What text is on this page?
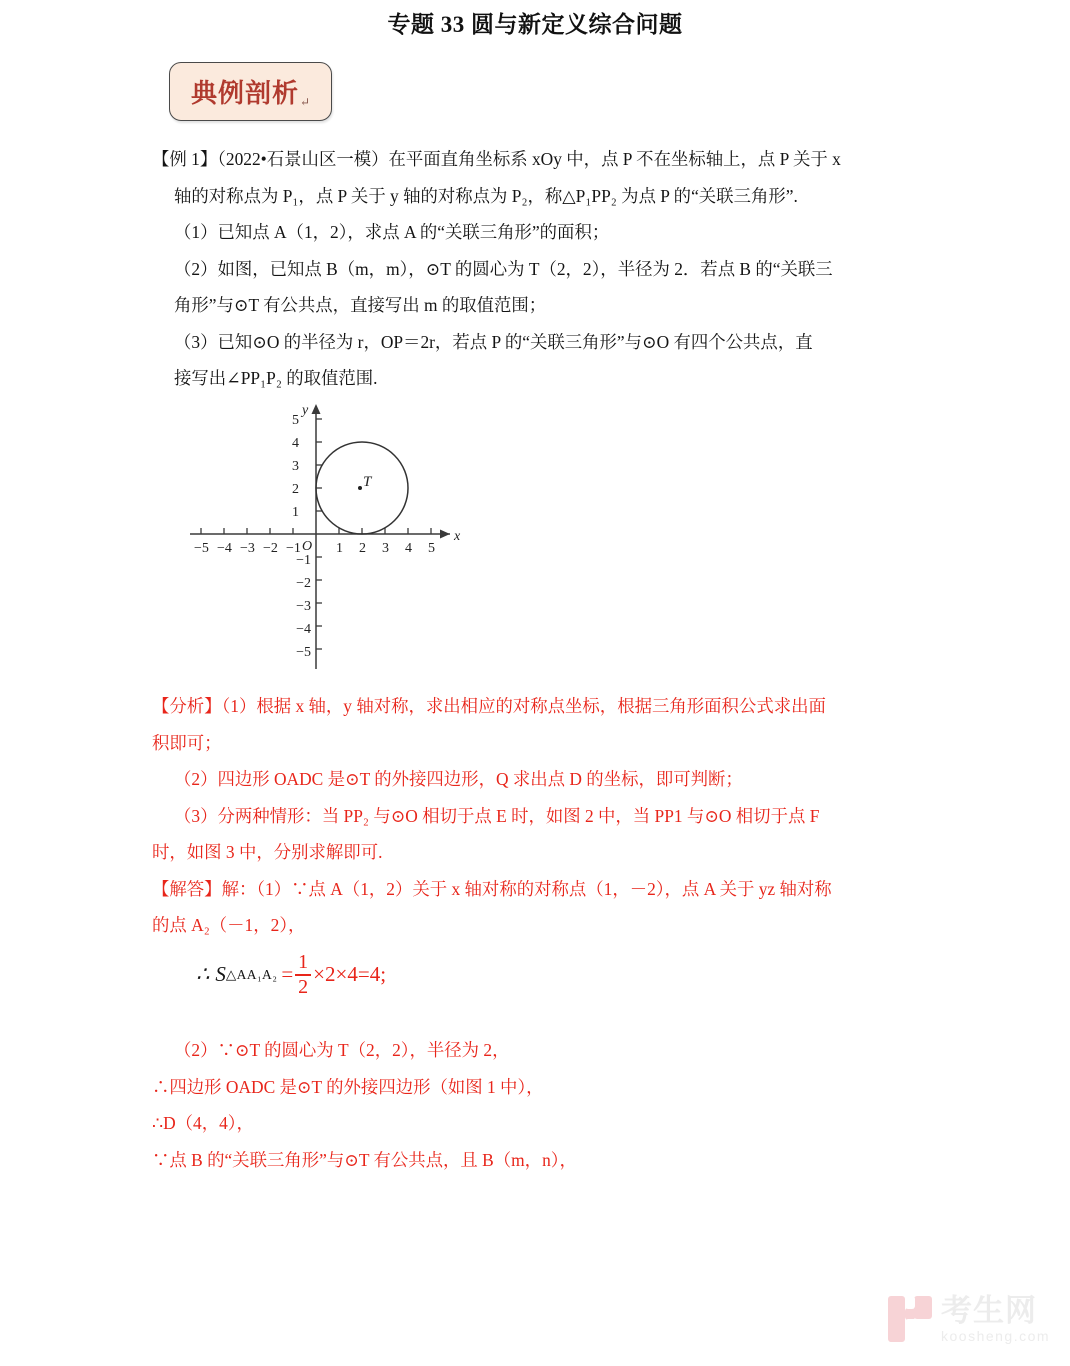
专题 33 圆与新定义综合问题
典例剖析 ↵

【例 1】（2022•石景山区一模）在平面直角坐标系 xOy 中，点 P 不在坐标轴上，点 P 关于 x

轴的对称点为 P₁，点 P 关于 y 轴的对称点为 P₂，称△P₁PP₂ 为点 P 的“关联三角形”.

（1）已知点 A（1，2），求点 A 的“关联三角形”的面积；

（2）如图，已知点 B（m，m），⊙T 的圆心为 T（2，2），半径为 2．若点 B 的“关联三

角形”与⊙T 有公共点，直接写出 m 的取值范围；

（3）已知⊙O 的半径为 r，OP＝2r，若点 P 的“关联三角形”与⊙O 有四个公共点，直

接写出∠PP₁P₂ 的取值范围.

T
y
x
O
−5 −4 −3 −2 −1	1 2 3 4 5
5
4
3
2
1
−1
−2
−3
−4
−5

【分析】（1）根据 x 轴，y 轴对称，求出相应的对称点坐标，根据三角形面积公式求出面

积即可；

（2）四边形 OADC 是⊙T 的外接四边形，Q 求出点 D 的坐标，即可判断；

（3）分两种情形：当 PP₂ 与⊙O 相切于点 E 时，如图 2 中，当 PP1 与⊙O 相切于点 F

时，如图 3 中，分别求解即可.

【解答】解：（1）∵点 A（1，2）关于 x 轴对称的对称点（1，－2），点 A 关于 yz 轴对称

的点 A₂（－1，2），

∴ S △AA₁A₂ = $\frac{1}{2} \times 2\times 4=4$;

（2）∵⊙T 的圆心为 T（2，2），半径为 2，

∴四边形 OADC 是⊙T 的外接四边形（如图 1 中），

∴D（4，4），

∵点 B 的“关联三角形”与⊙T 有公共点，且 B（m，n），

考生网
koosheng.com
